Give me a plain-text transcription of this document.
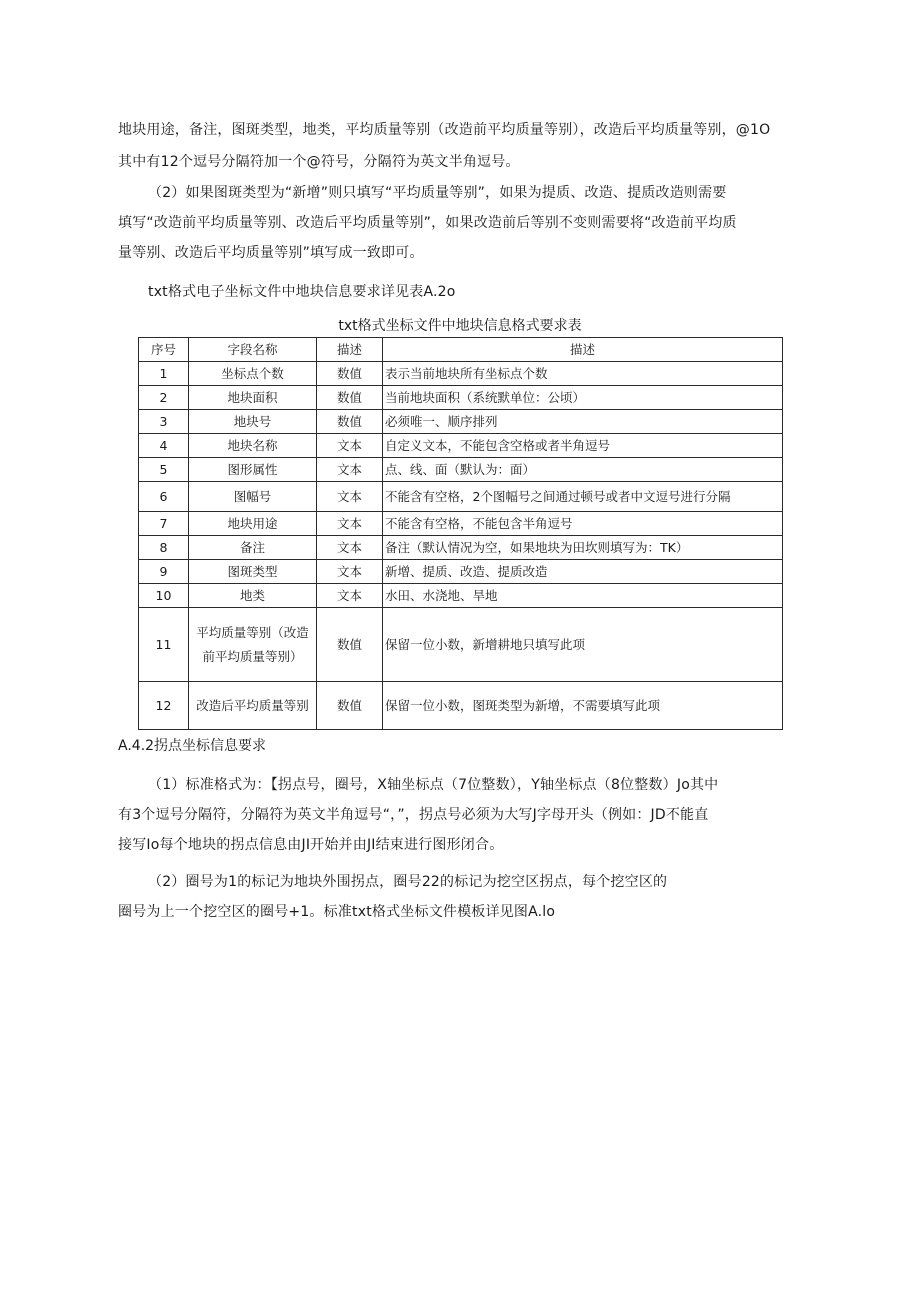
地块用途，备注，图斑类型，地类，平均质量等别（改造前平均质量等别），改造后平均质量等别，@1O
其中有12个逗号分隔符加一个@符号，分隔符为英文半角逗号。
（2）如果图斑类型为“新增”则只填写“平均质量等别”，如果为提质、改造、提质改造则需要
填写“改造前平均质量等别、改造后平均质量等别”，如果改造前后等别不变则需要将“改造前平均质
量等别、改造后平均质量等别”填写成一致即可。
txt格式电子坐标文件中地块信息要求详见表A.2o
txt格式坐标文件中地块信息格式要求表
序号	字段名称	描述	描述
1	坐标点个数	数值	表示当前地块所有坐标点个数
2	地块面积	数值	当前地块面积（系统默单位：公顷）
3	地块号	数值	必须唯一、顺序排列
4	地块名称	文本	自定义文本，不能包含空格或者半角逗号
5	图形属性	文本	点、线、面（默认为：面）
6	图幅号	文本	不能含有空格，2个图幅号之间通过顿号或者中文逗号进行分隔
7	地块用途	文本	不能含有空格，不能包含半角逗号
8	备注	文本	备注（默认情况为空，如果地块为田坎则填写为：TK）
9	图斑类型	文本	新增、提质、改造、提质改造
10	地类	文本	水田、水浇地、旱地
11	平均质量等别（改造前平均质量等别）	数值	保留一位小数，新增耕地只填写此项
12	改造后平均质量等别	数值	保留一位小数，图斑类型为新增，不需要填写此项
A.4.2拐点坐标信息要求
（1）标准格式为：【拐点号，圈号，X轴坐标点（7位整数），Y轴坐标点（8位整数）Jo其中
有3个逗号分隔符，分隔符为英文半角逗号“，”，拐点号必须为大写J字母开头（例如：JD不能直
接写Io每个地块的拐点信息由JI开始并由JI结束进行图形闭合。
（2）圈号为1的标记为地块外围拐点，圈号22的标记为挖空区拐点，每个挖空区的
圈号为上一个挖空区的圈号+1。标准txt格式坐标文件模板详见图A.lo
